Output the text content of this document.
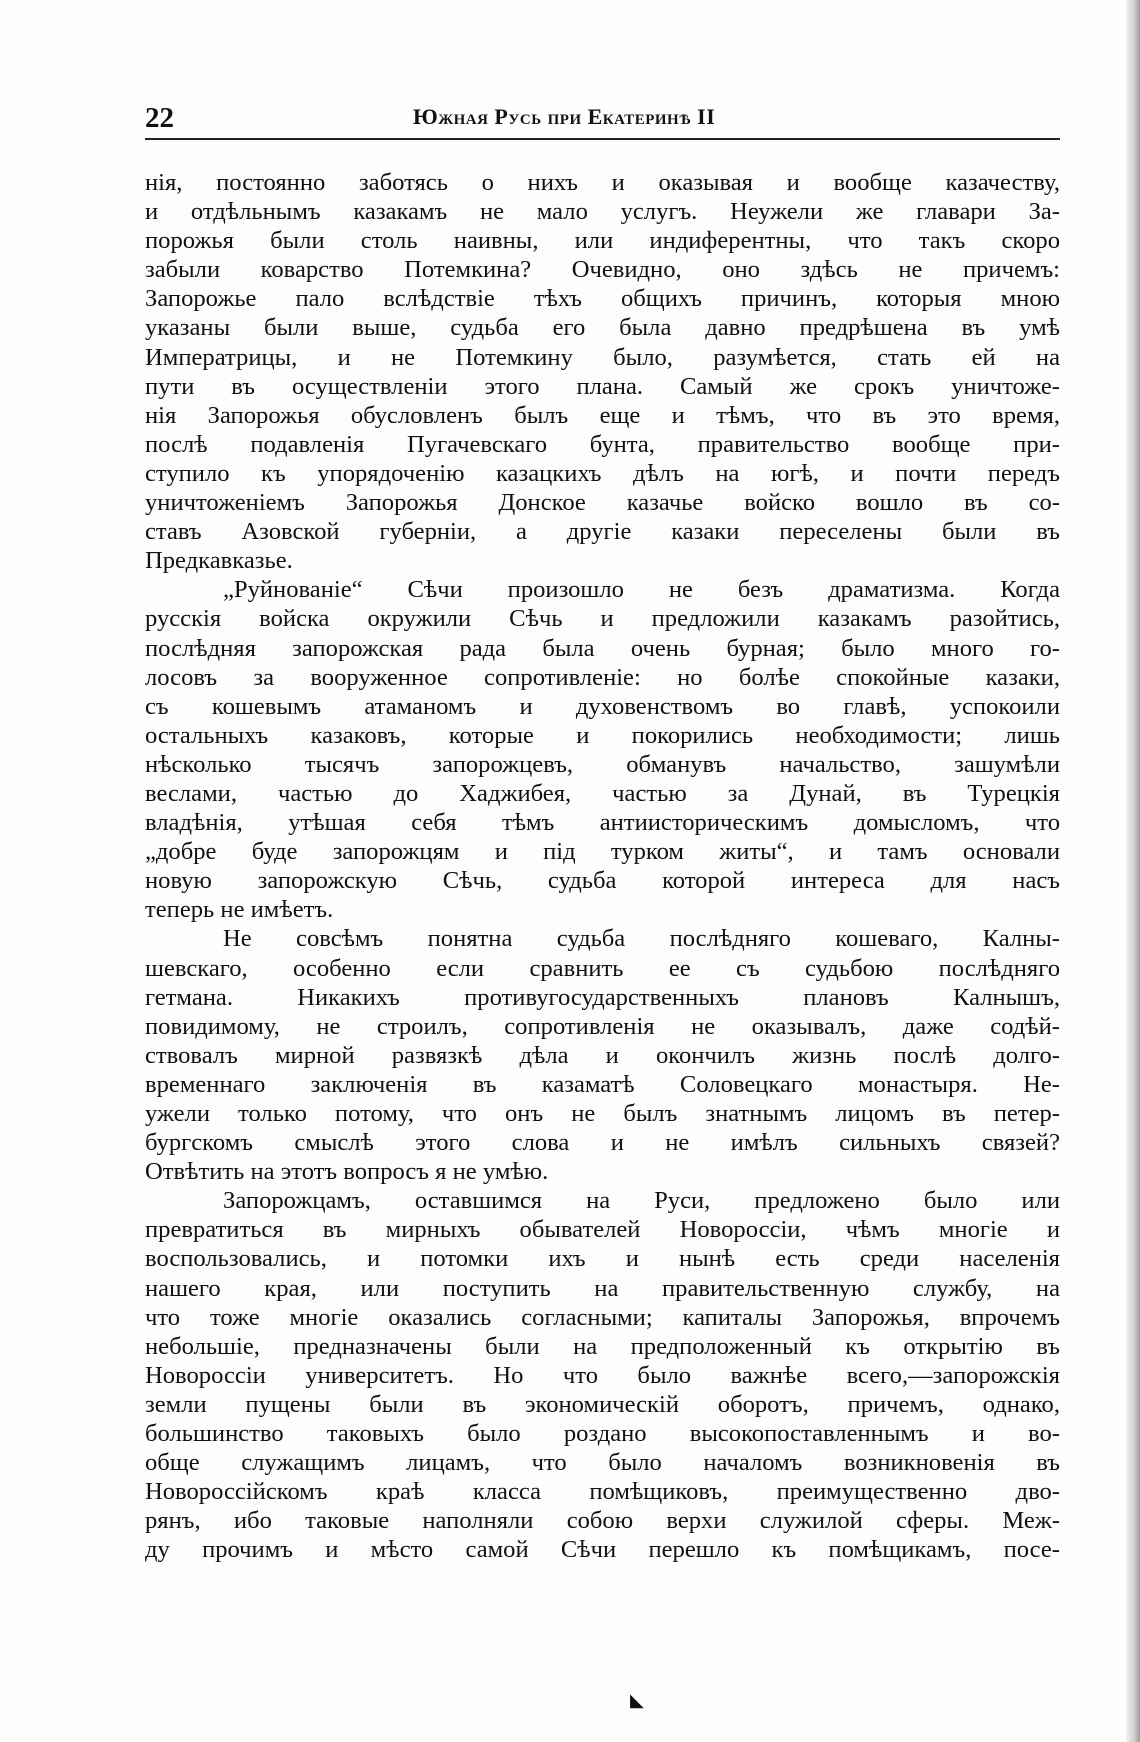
22	Южная Русь при Екатеринѣ II
нія, постоянно заботясь о нихъ и оказывая и вообще казачеству,
и отдѣльнымъ казакамъ не мало услугъ. Неужели же главари За-
порожья были столь наивны, или индиферентны, что такъ скоро
забыли коварство Потемкина? Очевидно, оно здѣсь не причемъ:
Запорожье пало вслѣдствіе тѣхъ общихъ причинъ, которыя мною
указаны были выше, судьба его была давно предрѣшена въ умѣ
Императрицы, и не Потемкину было, разумѣется, стать ей на
пути въ осуществленіи этого плана. Самый же срокъ уничтоже-
нія Запорожья обусловленъ былъ еще и тѣмъ, что въ это время,
послѣ подавленія Пугачевскаго бунта, правительство вообще при-
ступило къ упорядоченію казацкихъ дѣлъ на югѣ, и почти передъ
уничтоженіемъ Запорожья Донское казачье войско вошло въ со-
ставъ Азовской губерніи, а другіе казаки переселены были въ
Предкавказье.
„Руйнованіе“ Сѣчи произошло не безъ драматизма. Когда
русскія войска окружили Сѣчь и предложили казакамъ разойтись,
послѣдняя запорожская рада была очень бурная; было много го-
лосовъ за вооруженное сопротивленіе: но болѣе спокойные казаки,
съ кошевымъ атаманомъ и духовенствомъ во главѣ, успокоили
остальныхъ казаковъ, которые и покорились необходимости; лишь
нѣсколько тысячъ запорожцевъ, обманувъ начальство, зашумѣли
веслами, частью до Хаджибея, частью за Дунай, въ Турецкія
владѣнія, утѣшая себя тѣмъ антиисторическимъ домысломъ, что
„добре буде запорожцям и під турком житы“, и тамъ основали
новую запорожскую Сѣчь, судьба которой интереса для насъ
теперь не имѣетъ.
Не совсѣмъ понятна судьба послѣдняго кошеваго, Калны-
шевскаго, особенно если сравнить ее съ судьбою послѣдняго
гетмана. Никакихъ противугосударственныхъ плановъ Калнышъ,
повидимому, не строилъ, сопротивленія не оказывалъ, даже содѣй-
ствовалъ мирной развязкѣ дѣла и окончилъ жизнь послѣ долго-
временнаго заключенія въ казаматѣ Соловецкаго монастыря. Не-
ужели только потому, что онъ не былъ знатнымъ лицомъ въ петер-
бургскомъ смыслѣ этого слова и не имѣлъ сильныхъ связей?
Отвѣтить на этотъ вопросъ я не умѣю.
Запорожцамъ, оставшимся на Руси, предложено было или
превратиться въ мирныхъ обывателей Новороссіи, чѣмъ многіе и
воспользовались, и потомки ихъ и нынѣ есть среди населенія
нашего края, или поступить на правительственную службу, на
что тоже многіе оказались согласными; капиталы Запорожья, впрочемъ
небольшіе, предназначены были на предположенный къ открытію въ
Новороссіи университетъ. Но что было важнѣе всего,—запорожскія
земли пущены были въ экономическій оборотъ, причемъ, однако,
большинство таковыхъ было роздано высокопоставленнымъ и во-
обще служащимъ лицамъ, что было началомъ возникновенія въ
Новороссійскомъ краѣ класса помѣщиковъ, преимущественно дво-
рянъ, ибо таковые наполняли собою верхи служилой сферы. Меж-
ду прочимъ и мѣсто самой Сѣчи перешло къ помѣщикамъ, посе-
◣
